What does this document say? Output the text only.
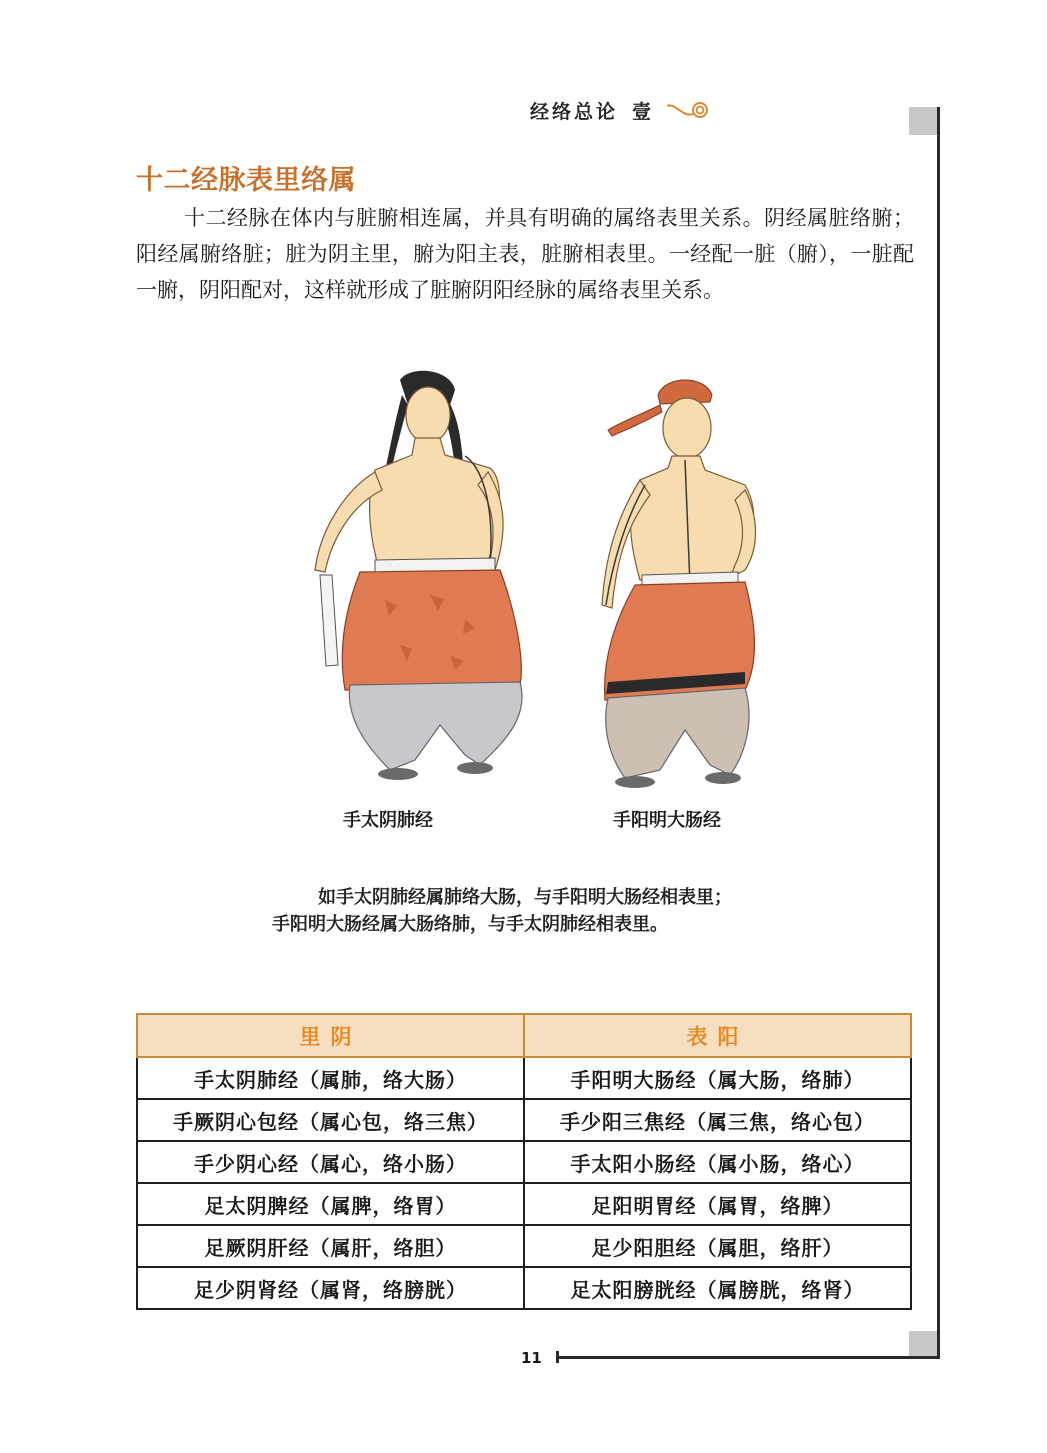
经络总论 壹
十二经脉表里络属
十二经脉在体内与脏腑相连属，并具有明确的属络表里关系。阴经属脏络腑；阳经属腑络脏；脏为阴主里，腑为阳主表，脏腑相表里。一经配一脏（腑），一脏配一腑，阴阳配对，这样就形成了脏腑阴阳经脉的属络表里关系。
手太阴肺经	手阳明大肠经
如手太阴肺经属肺络大肠，与手阳明大肠经相表里；
手阳明大肠经属大肠络肺，与手太阴肺经相表里。
里阴	表阳
手太阴肺经（属肺，络大肠）	手阳明大肠经（属大肠，络肺）
手厥阴心包经（属心包，络三焦）	手少阳三焦经（属三焦，络心包）
手少阴心经（属心，络小肠）	手太阳小肠经（属小肠，络心）
足太阴脾经（属脾，络胃）	足阳明胃经（属胃，络脾）
足厥阴肝经（属肝，络胆）	足少阳胆经（属胆，络肝）
足少阴肾经（属肾，络膀胱）	足太阳膀胱经（属膀胱，络肾）
11
